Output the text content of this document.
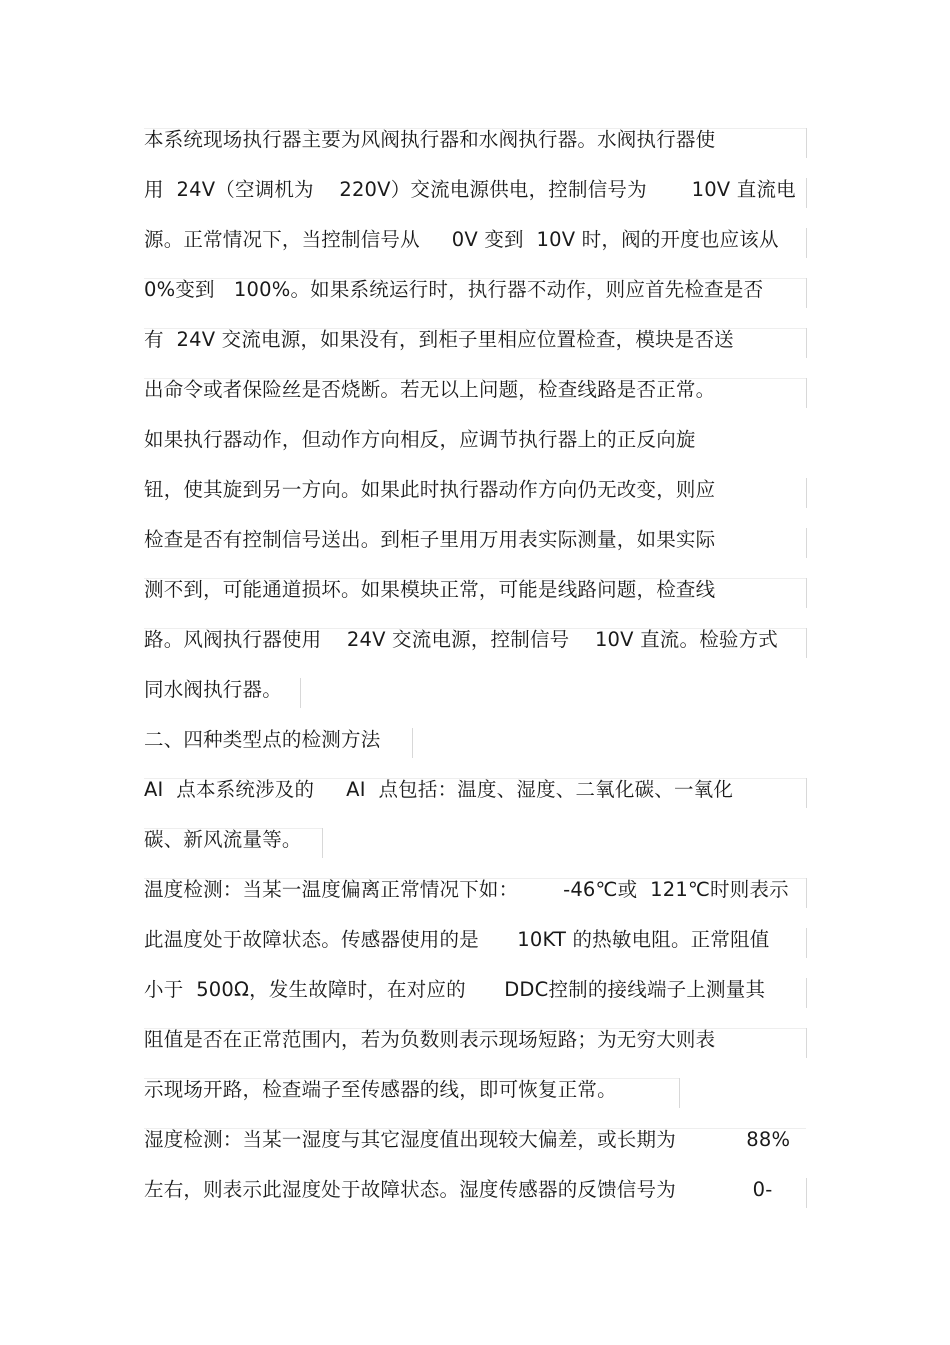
本系统现场执行器主要为风阀执行器和水阀执行器。水阀执行器使
用  24V（空调机为    220V）交流电源供电，控制信号为       10V 直流电
源。正常情况下，当控制信号从     0V 变到  10V 时，阀的开度也应该从
0%变到   100%。如果系统运行时，执行器不动作，则应首先检查是否
有  24V 交流电源，如果没有，到柜子里相应位置检查，模块是否送
出命令或者保险丝是否烧断。若无以上问题，检查线路是否正常。
如果执行器动作，但动作方向相反，应调节执行器上的正反向旋
钮，使其旋到另一方向。如果此时执行器动作方向仍无改变，则应
检查是否有控制信号送出。到柜子里用万用表实际测量，如果实际
测不到，可能通道损坏。如果模块正常，可能是线路问题，检查线
路。风阀执行器使用    24V 交流电源，控制信号    10V 直流。检验方式
同水阀执行器。
二、四种类型点的检测方法
AI  点本系统涉及的     AI  点包括：温度、湿度、二氧化碳、一氧化
碳、新风流量等。
温度检测：当某一温度偏离正常情况下如：       -46℃或  121℃时则表示
此温度处于故障状态。传感器使用的是      10KT 的热敏电阻。正常阻值
小于  500Ω，发生故障时，在对应的      DDC控制的接线端子上测量其
阻值是否在正常范围内，若为负数则表示现场短路；为无穷大则表
示现场开路，检查端子至传感器的线，即可恢复正常。
湿度检测：当某一湿度与其它湿度值出现较大偏差，或长期为           88%
左右，则表示此湿度处于故障状态。湿度传感器的反馈信号为            0-
